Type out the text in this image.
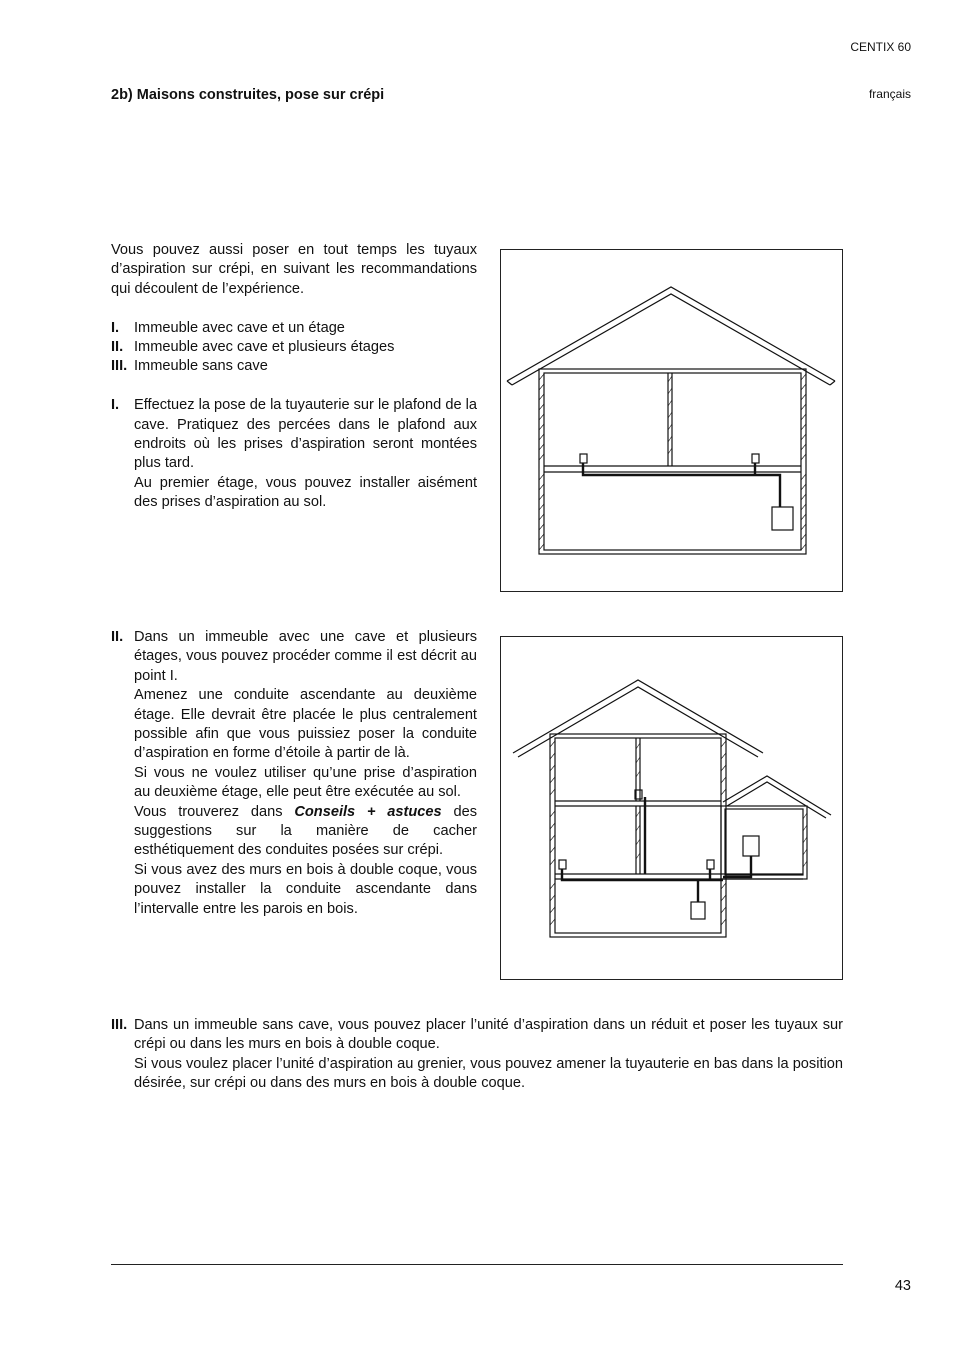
CENTIX 60
français
2b) Maisons construites, pose sur crépi
Vous pouvez aussi poser en tout temps les tuyaux d’aspiration sur crépi, en suivant les recommandations qui découlent de l’expérience.
I. Immeuble avec cave et un étage
II. Immeuble avec cave et plusieurs étages
III. Immeuble sans cave
I. Effectuez la pose de la tuyauterie sur le plafond de la cave. Pratiquez des percées dans le plafond aux endroits où les prises d’aspiration seront montées plus tard.
Au premier étage, vous pouvez installer aisément des prises d’aspiration au sol.
II. Dans un immeuble avec une cave et plusieurs étages, vous pouvez procéder comme il est décrit au point I.
Amenez une conduite ascendante au deuxième étage. Elle devrait être placée le plus centralement possible afin que vous puissiez poser la conduite d’aspiration en forme d’étoile à partir de là.
Si vous ne voulez utiliser qu’une prise d’aspiration au deuxième étage, elle peut être exécutée au sol.
Vous trouverez dans Conseils + astuces des suggestions sur la manière de cacher esthétiquement des conduites posées sur crépi.
Si vous avez des murs en bois à double coque, vous pouvez installer la conduite ascendante dans l’intervalle entre les parois en bois.
III. Dans un immeuble sans cave, vous pouvez placer l’unité d’aspiration dans un réduit et poser les tuyaux sur crépi ou dans les murs en bois à double coque.
Si vous voulez placer l’unité d’aspiration au grenier, vous pouvez amener la tuyauterie en bas dans la position désirée, sur crépi ou dans des murs en bois à double coque.
43
